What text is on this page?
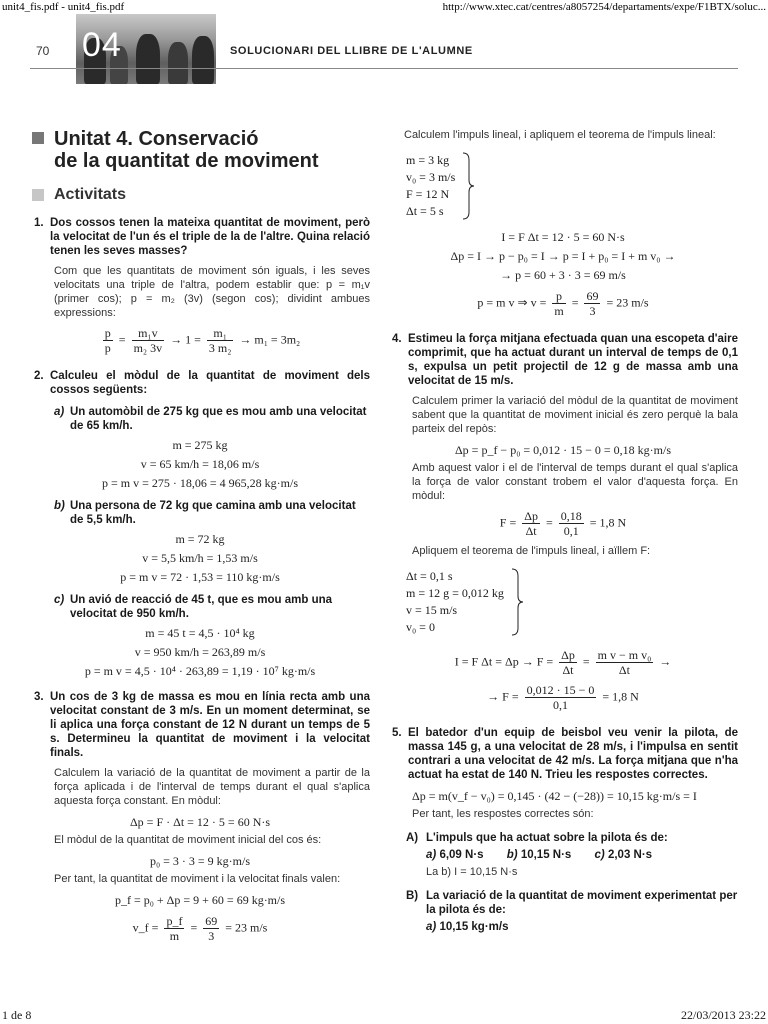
unit4_fis.pdf - unit4_fis.pdf	http://www.xtec.cat/centres/a8057254/departaments/expe/F1BTX/soluc...
1 de 8	22/03/2013 23:22
70 04	SOLUCIONARI DEL LLIBRE DE L'ALUMNE
Unitat 4. Conservació
de la quantitat de moviment
Activitats
1. Dos cossos tenen la mateixa quantitat de moviment, però la velocitat de l'un és el triple de la de l'altre. Quina relació tenen les seves masses?
Com que les quantitats de moviment són iguals, i les seves velocitats una triple de l'altra, podem establir que: p = m₁v (primer cos); p = m₂ (3v) (segon cos); dividint ambues expressions:
$\frac{p}{p} = \frac{\text{m₁v}}{\text{m₂ 3v}} \to 1 = \frac{\text{m₁}}{\text{3 m₂}} \to m_1 = 3m_2$
2. Calculeu el mòdul de la quantitat de moviment dels cossos següents:
a) Un automòbil de 275 kg que es mou amb una velocitat de 65 km/h.
m = 275 kg
v = 65 km/h = 18,06 m/s
p = m v = 275 · 18,06 = 4 965,28 kg·m/s
b) Una persona de 72 kg que camina amb una velocitat de 5,5 km/h.
m = 72 kg
v = 5,5 km/h = 1,53 m/s
p = m v = 72 · 1,53 = 110 kg·m/s
c) Un avió de reacció de 45 t, que es mou amb una velocitat de 950 km/h.
m = 45 t = 4,5 · 10⁴ kg
v = 950 km/h = 263,89 m/s
p = m v = 4,5 · 10⁴ · 263,89 = 1,19 · 10⁷ kg·m/s
3. Un cos de 3 kg de massa es mou en línia recta amb una velocitat constant de 3 m/s. En un moment determinat, se li aplica una força constant de 12 N durant un temps de 5 s. Determineu la quantitat de moviment i la velocitat finals.
Calculem la variació de la quantitat de moviment a partir de la força aplicada i de l'interval de temps durant el qual s'aplica aquesta força constant. En mòdul:
Δp = F · Δt = 12 · 5 = 60 N·s
El mòdul de la quantitat de moviment inicial del cos és:
p₀ = 3 · 3 = 9 kg·m/s
Per tant, la quantitat de moviment i la velocitat finals valen:
p_f = p₀ + Δp = 9 + 60 = 69 kg·m/s
v_f = $\frac{p\_f}{m} = \frac{69}{3} = 23$ m/s
Calculem l'impuls lineal, i apliquem el teorema de l'impuls lineal:
m = 3 kg
v₀ = 3 m/s
F = 12 N
Δt = 5 s
I = F Δt = 12 · 5 = 60 N·s
Δp = I → p − p₀ = I → p = I + p₀ = I + m v₀ →
→ p = 60 + 3 · 3 = 69 m/s
p = m v ⇒ $v = \frac{p}{m} = \frac{69}{3} = 23$ m/s
4. Estimeu la força mitjana efectuada quan una escopeta d'aire comprimit, que ha actuat durant un interval de temps de 0,1 s, expulsa un petit projectil de 12 g de massa amb una velocitat de 15 m/s.
Calculem primer la variació del mòdul de la quantitat de moviment sabent que la quantitat de moviment inicial és zero perquè la bala parteix del repòs:
Δp = p_f − p₀ = 0,012 · 15 − 0 = 0,18 kg·m/s
Amb aquest valor i el de l'interval de temps durant el qual s'aplica la força de valor constant trobem el valor d'aquesta força. En mòdul:
$F = \frac{\Delta p}{\Delta t} = \frac{0,18}{0,1} = 1,8$ N
Apliquem el teorema de l'impuls lineal, i aïllem F:
Δt = 0,1 s
m = 12 g = 0,012 kg
v = 15 m/s
v₀ = 0
I = F $\Delta t = \Delta p \to F = \frac{\Delta p}{\Delta t} = \frac{\text{m v − m v₀}}{\Delta t}$ →
→ $F = \frac{0,012 \cdot 15 - 0}{0,1} = 1,8$ N
5. El batedor d'un equip de beisbol veu venir la pilota, de massa 145 g, a una velocitat de 28 m/s, i l'impulsa en sentit contrari a una velocitat de 42 m/s. La força mitjana que n'ha actuat ha estat de 140 N. Trieu les respostes correctes.
Δp = m(v_f − v₀) = 0,145 · (42 − (−28)) = 10,15 kg·m/s = I
Per tant, les respostes correctes són:
A) L'impuls que ha actuat sobre la pilota és de:
a) 6,09 N·s b) 10,15 N·s c) 2,03 N·s
La b) I = 10,15 N·s
B) La variació de la quantitat de moviment experimentat per la pilota és de:
a) 10,15 kg·m/s
